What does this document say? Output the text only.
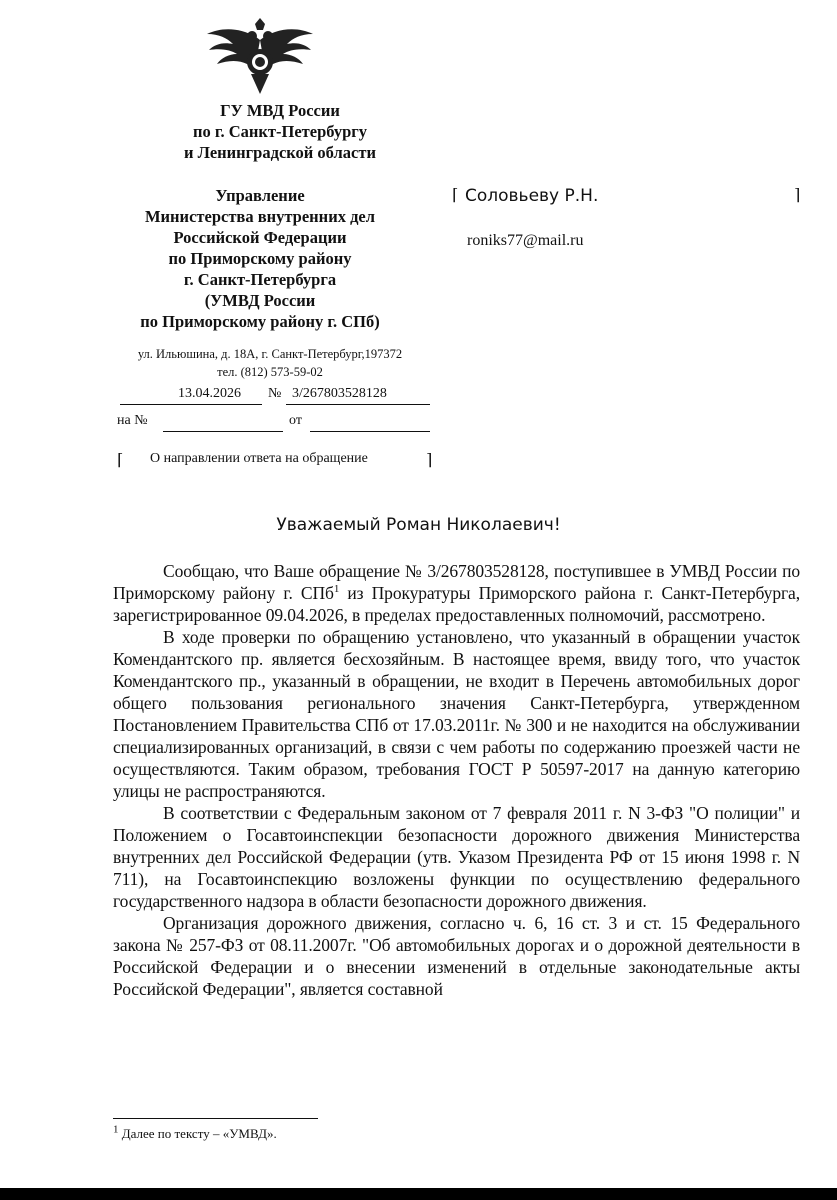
ГУ МВД России
по г. Санкт-Петербургу
и Ленинградской области
Управление
Министерства внутренних дел
Российской Федерации
по Приморскому району
г. Санкт-Петербурга
(УМВД России
по Приморскому району г. СПб)
ул. Ильюшина, д. 18А, г. Санкт-Петербург,197372
тел. (812) 573-59-02
13.04.2026 № 3/267803528128
на №	от
⌈ Соловьеву Р.Н.	⌉
roniks77@mail.ru
⌈ О направлении ответа на обращение	⌉
Уважаемый Роман Николаевич!

Сообщаю, что Ваше обращение № 3/267803528128, поступившее в УМВД России по Приморскому району г. СПб$^1$ из Прокуратуры Приморского района г. Санкт-Петербурга, зарегистрированное 09.04.2026, в пределах предоставленных полномочий, рассмотрено.

В ходе проверки по обращению установлено, что указанный в обращении участок Комендантского пр. является бесхозяйным. В настоящее время, ввиду того, что участок Комендантского пр., указанный в обращении, не входит в Перечень автомобильных дорог общего пользования регионального значения Санкт-Петербурга, утвержденном Постановлением Правительства СПб от 17.03.2011г. № 300 и не находится на обслуживании специализированных организаций, в связи с чем работы по содержанию проезжей части не осуществляются. Таким образом, требования ГОСТ Р 50597-2017 на данную категорию улицы не распространяются.

В соответствии с Федеральным законом от 7 февраля 2011 г. N 3-ФЗ "О полиции" и Положением о Госавтоинспекции безопасности дорожного движения Министерства внутренних дел Российской Федерации (утв. Указом Президента РФ от 15 июня 1998 г. N 711), на Госавтоинспекцию возложены функции по осуществлению федерального государственного надзора в области безопасности дорожного движения.

Организация дорожного движения, согласно ч. 6, 16 ст. 3 и ст. 15 Федерального закона № 257-ФЗ от 08.11.2007г. "Об автомобильных дорогах и о дорожной деятельности в Российской Федерации и о внесении изменений в отдельные законодательные акты Российской Федерации", является составной

$^1$ Далее по тексту – «УМВД».
